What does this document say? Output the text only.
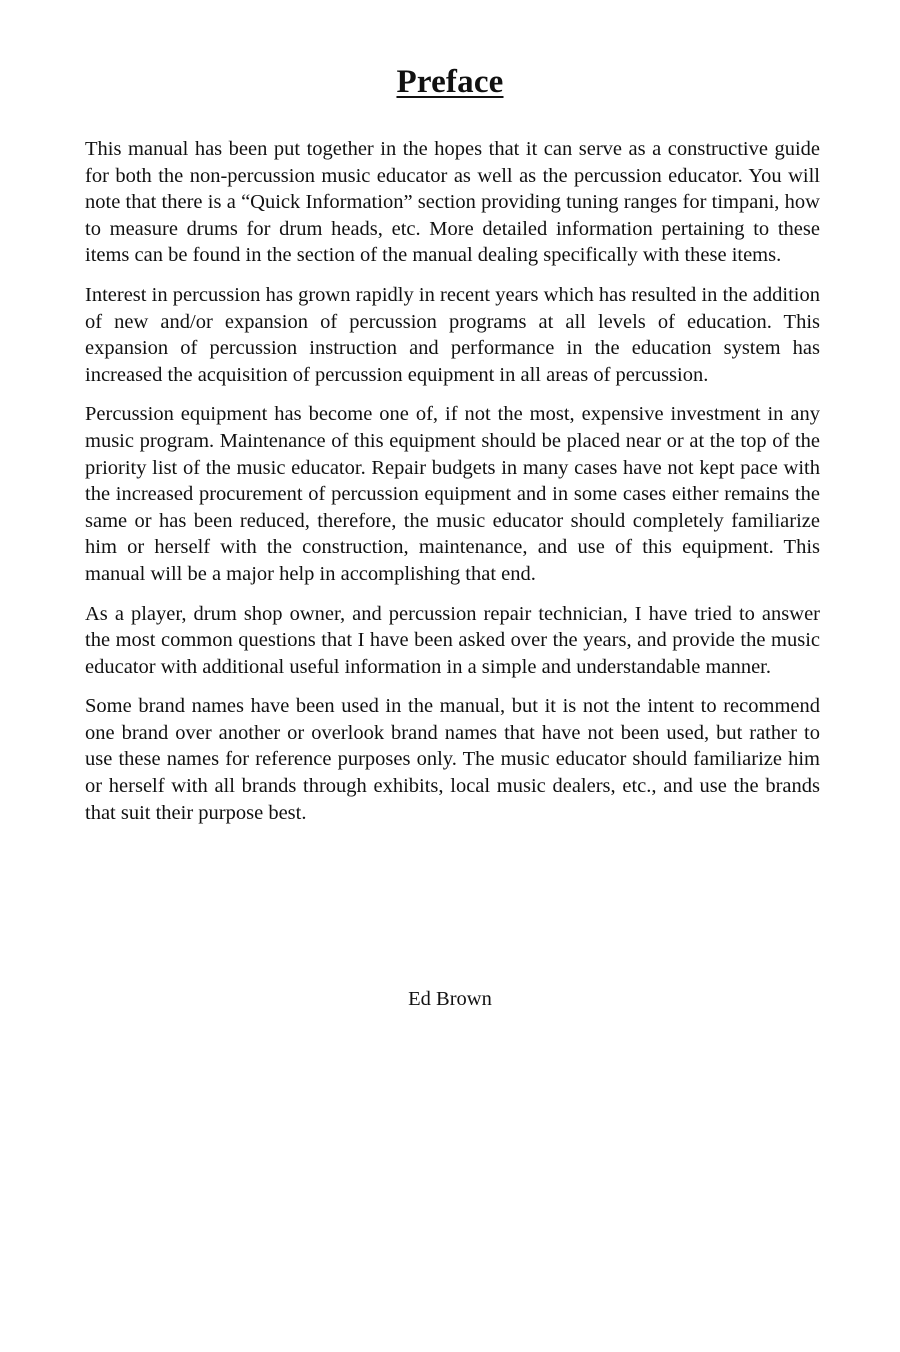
Preface

This manual has been put together in the hopes that it can serve as a constructive guide for both the non-percussion music educator as well as the percussion educator. You will note that there is a “Quick Information” section providing tuning ranges for timpani, how to measure drums for drum heads, etc. More detailed information pertaining to these items can be found in the section of the manual dealing specifically with these items.

Interest in percussion has grown rapidly in recent years which has resulted in the addition of new and/or expansion of percussion programs at all levels of education. This expansion of percussion instruction and performance in the education system has increased the acquisition of percussion equipment in all areas of percussion.

Percussion equipment has become one of, if not the most, expensive investment in any music program. Maintenance of this equipment should be placed near or at the top of the priority list of the music educator. Repair budgets in many cases have not kept pace with the increased procurement of percussion equipment and in some cases either remains the same or has been reduced, therefore, the music educator should completely familiarize him or herself with the construction, maintenance, and use of this equipment. This manual will be a major help in accomplishing that end.

As a player, drum shop owner, and percussion repair technician, I have tried to answer the most common questions that I have been asked over the years, and provide the music educator with additional useful information in a simple and understandable manner.

Some brand names have been used in the manual, but it is not the intent to recommend one brand over another or overlook brand names that have not been used, but rather to use these names for reference purposes only. The music educator should familiarize him or herself with all brands through exhibits, local music dealers, etc., and use the brands that suit their purpose best.

Ed Brown
